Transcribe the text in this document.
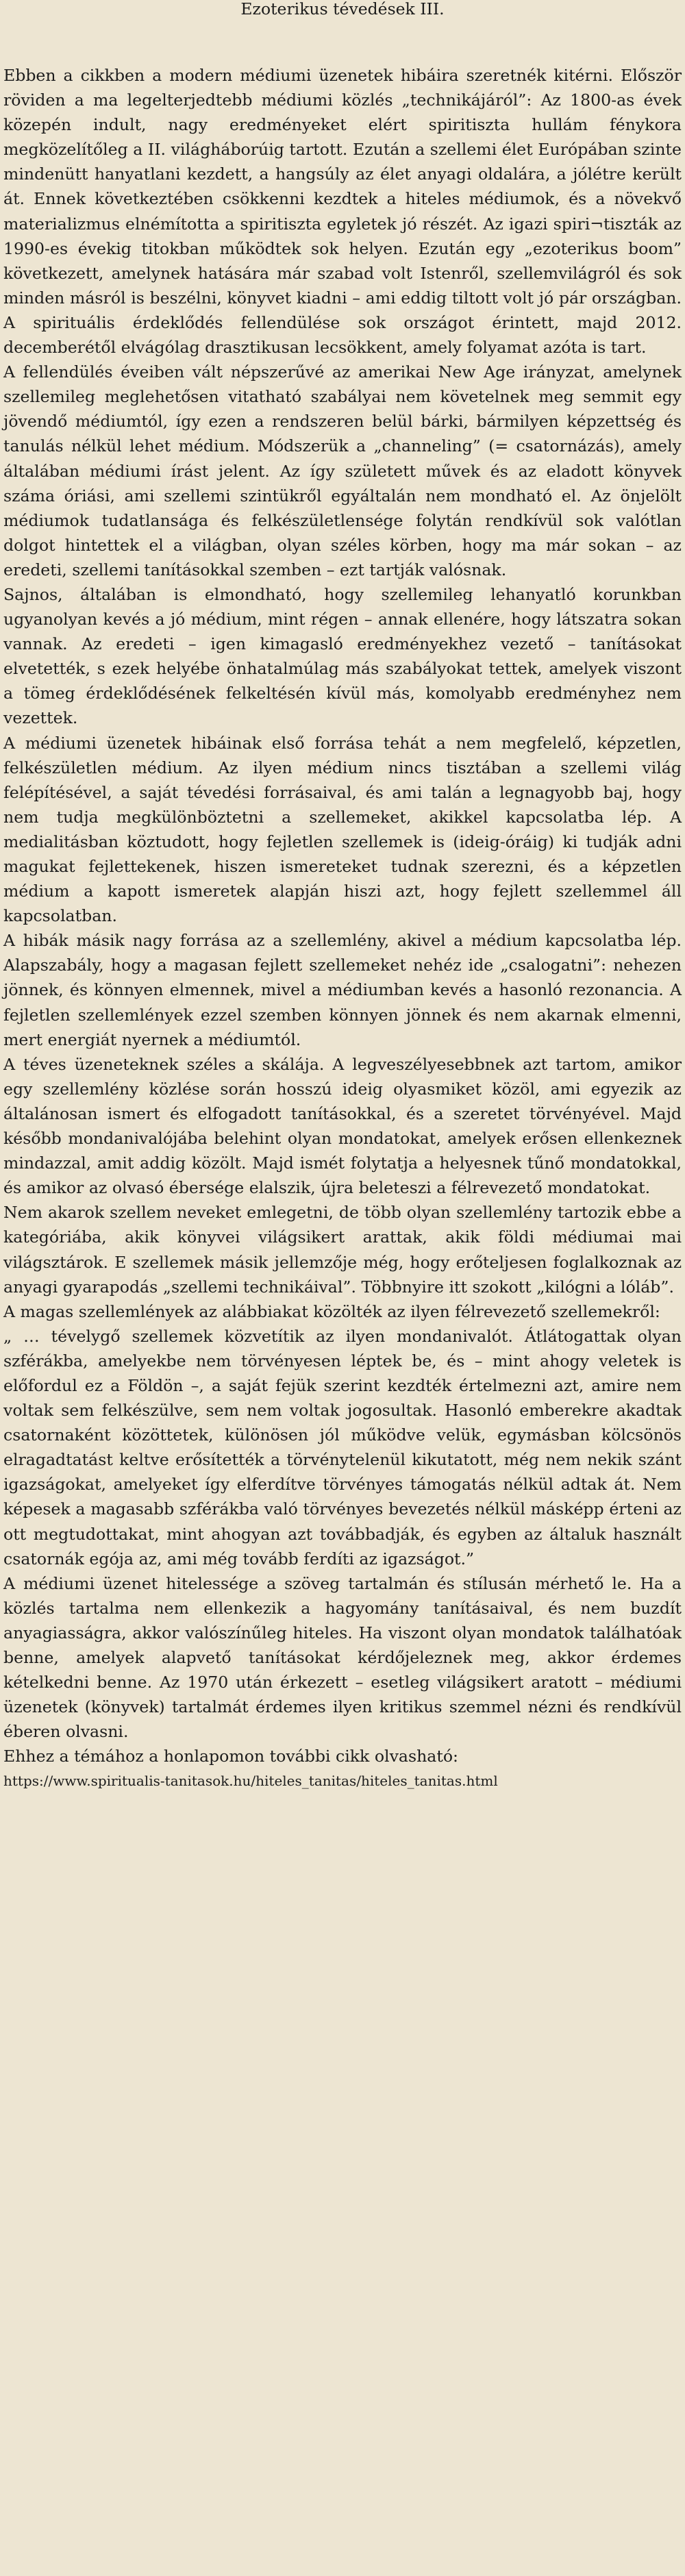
Ezoterikus tévedések III.

Ebben a cikkben a modern médiumi üzenetek hibáira szeretnék kitérni. Először röviden a ma legelterjedtebb médiumi közlés „technikájáról”: Az 1800-as évek közepén indult, nagy eredményeket elért spiritiszta hullám fénykora megközelítőleg a II. világháborúig tartott. Ezután a szellemi élet Európában szinte mindenütt hanyatlani kezdett, a hangsúly az élet anyagi oldalára, a jólétre került át. Ennek következtében csökkenni kezdtek a hiteles médiumok, és a növekvő materializmus elnémította a spiritiszta egyletek jó részét. Az igazi spiri¬tiszták az 1990-es évekig titokban működtek sok helyen. Ezután egy „ezoterikus boom” következett, amelynek hatására már szabad volt Istenről, szellemvilágról és sok minden másról is beszélni, könyvet kiadni – ami eddig tiltott volt jó pár országban. A spirituális érdeklődés fellendülése sok országot érintett, majd 2012. decemberétől elvágólag drasztikusan lecsökkent, amely folyamat azóta is tart.

A fellendülés éveiben vált népszerűvé az amerikai New Age irányzat, amelynek szellemileg meglehetősen vitatható szabályai nem követelnek meg semmit egy jövendő médiumtól, így ezen a rendszeren belül bárki, bármilyen képzettség és tanulás nélkül lehet médium. Módszerük a „channeling” (= csatornázás), amely általában médiumi írást jelent. Az így született művek és az eladott könyvek száma óriási, ami szellemi szintükről egyáltalán nem mondható el. Az önjelölt médiumok tudatlansága és felkészületlensége folytán rendkívül sok valótlan dolgot hintettek el a világban, olyan széles körben, hogy ma már sokan – az eredeti, szellemi tanításokkal szemben – ezt tartják valósnak.

Sajnos, általában is elmondható, hogy szellemileg lehanyatló korunkban ugyanolyan kevés a jó médium, mint régen – annak ellenére, hogy látszatra sokan vannak. Az eredeti – igen kimagasló eredményekhez vezető – tanításokat elvetették, s ezek helyébe önhatalmúlag más szabályokat tettek, amelyek viszont a tömeg érdeklődésének felkeltésén kívül más, komolyabb eredményhez nem vezettek.

A médiumi üzenetek hibáinak első forrása tehát a nem megfelelő, képzetlen, felkészületlen médium. Az ilyen médium nincs tisztában a szellemi világ felépítésével, a saját tévedési forrásaival, és ami talán a legnagyobb baj, hogy nem tudja megkülönböztetni a szellemeket, akikkel kapcsolatba lép. A medialitásban köztudott, hogy fejletlen szellemek is (ideig-óráig) ki tudják adni magukat fejlettekenek, hiszen ismereteket tudnak szerezni, és a képzetlen médium a kapott ismeretek alapján hiszi azt, hogy fejlett szellemmel áll kapcsolatban.

A hibák másik nagy forrása az a szellemlény, akivel a médium kapcsolatba lép. Alapszabály, hogy a magasan fejlett szellemeket nehéz ide „csalogatni”: nehezen jönnek, és könnyen elmennek, mivel a médiumban kevés a hasonló rezonancia. A fejletlen szellemlények ezzel szemben könnyen jönnek és nem akarnak elmenni, mert energiát nyernek a médiumtól.

A téves üzeneteknek széles a skálája. A legveszélyesebbnek azt tartom, amikor egy szellemlény közlése során hosszú ideig olyasmiket közöl, ami egyezik az általánosan ismert és elfogadott tanításokkal, és a szeretet törvényével. Majd később mondanivalójába belehint olyan mondatokat, amelyek erősen ellenkeznek mindazzal, amit addig közölt. Majd ismét folytatja a helyesnek tűnő mondatokkal, és amikor az olvasó ébersége elalszik, újra beleteszi a félrevezető mondatokat.

Nem akarok szellem neveket emlegetni, de több olyan szellemlény tartozik ebbe a kategóriába, akik könyvei világsikert arattak, akik földi médiumai mai világsztárok. E szellemek másik jellemzője még, hogy erőteljesen foglalkoznak az anyagi gyarapodás „szellemi technikáival”. Többnyire itt szokott „kilógni a lóláb”.

A magas szellemlények az alábbiakat közölték az ilyen félrevezető szellemekről:

„ … tévelygő szellemek közvetítik az ilyen mondanivalót. Átlátogattak olyan szférákba, amelyekbe nem törvényesen léptek be, és – mint ahogy veletek is előfordul ez a Földön –, a saját fejük szerint kezdték értelmezni azt, amire nem voltak sem felkészülve, sem nem voltak jogosultak. Hasonló emberekre akadtak csatornaként közöttetek, különösen jól működve velük, egymásban kölcsönös elragadtatást keltve erősítették a törvénytelenül kikutatott, még nem nekik szánt igazságokat, amelyeket így elferdítve törvényes támogatás nélkül adtak át. Nem képesek a magasabb szférákba való törvényes bevezetés nélkül másképp érteni az ott megtudottakat, mint ahogyan azt továbbadják, és egyben az általuk használt csatornák egója az, ami még tovább ferdíti az igazságot.”

A médiumi üzenet hitelessége a szöveg tartalmán és stílusán mérhető le. Ha a közlés tartalma nem ellenkezik a hagyomány tanításaival, és nem buzdít anyagiasságra, akkor valószínűleg hiteles. Ha viszont olyan mondatok találhatóak benne, amelyek alapvető tanításokat kérdőjeleznek meg, akkor érdemes kételkedni benne. Az 1970 után érkezett – esetleg világsikert aratott – médiumi üzenetek (könyvek) tartalmát érdemes ilyen kritikus szemmel nézni és rendkívül éberen olvasni.

Ehhez a témához a honlapomon további cikk olvasható:

https://www.spiritualis-tanitasok.hu/hiteles_tanitas/hiteles_tanitas.html
